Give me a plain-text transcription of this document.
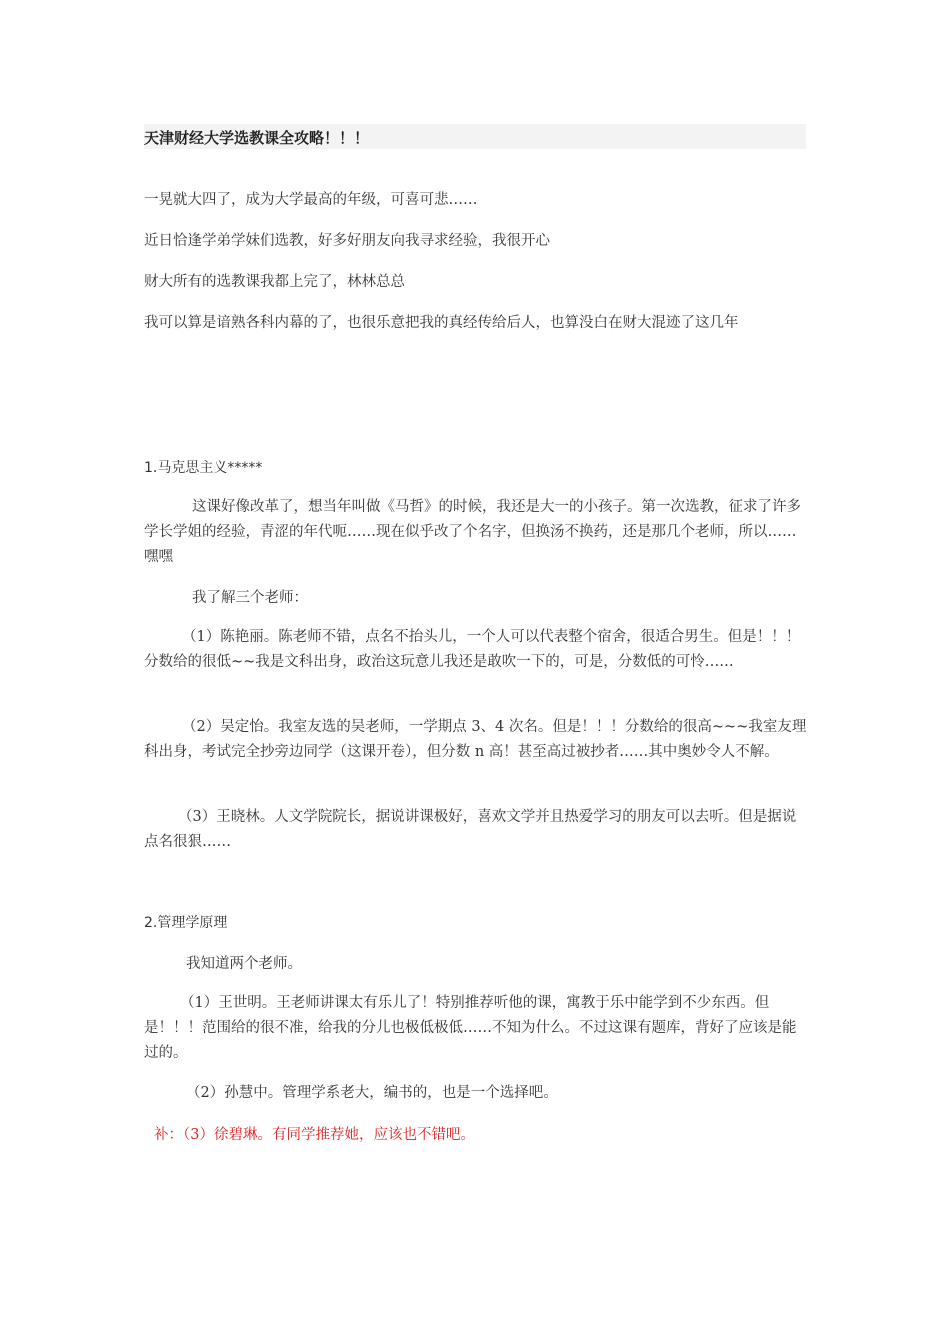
天津财经大学选教课全攻略！！！
一晃就大四了，成为大学最高的年级，可喜可悲……
近日恰逢学弟学妹们选教，好多好朋友向我寻求经验，我很开心
财大所有的选教课我都上完了，林林总总
我可以算是谙熟各科内幕的了，也很乐意把我的真经传给后人，也算没白在财大混迹了这几年
1.马克思主义*****
这课好像改革了，想当年叫做《马哲》的时候，我还是大一的小孩子。第一次选教，征求了许多学长学姐的经验，青涩的年代呃……现在似乎改了个名字，但换汤不换药，还是那几个老师，所以……嘿嘿
我了解三个老师：
（1）陈艳丽。陈老师不错，点名不抬头儿，一个人可以代表整个宿舍，很适合男生。但是！！！分数给的很低~~我是文科出身，政治这玩意儿我还是敢吹一下的，可是，分数低的可怜……
（2）吴定怡。我室友选的吴老师，一学期点 3、4 次名。但是！！！分数给的很高~~~我室友理科出身，考试完全抄旁边同学（这课开卷），但分数 n 高！甚至高过被抄者……其中奥妙令人不解。
（3）王晓林。人文学院院长，据说讲课极好，喜欢文学并且热爱学习的朋友可以去听。但是据说点名很狠……
2.管理学原理
我知道两个老师。
（1）王世明。王老师讲课太有乐儿了！特别推荐听他的课，寓教于乐中能学到不少东西。但是！！！范围给的很不准，给我的分儿也极低极低……不知为什么。不过这课有题库，背好了应该是能过的。
（2）孙慧中。管理学系老大，编书的，也是一个选择吧。
补：（3）徐碧琳。有同学推荐她，应该也不错吧。
